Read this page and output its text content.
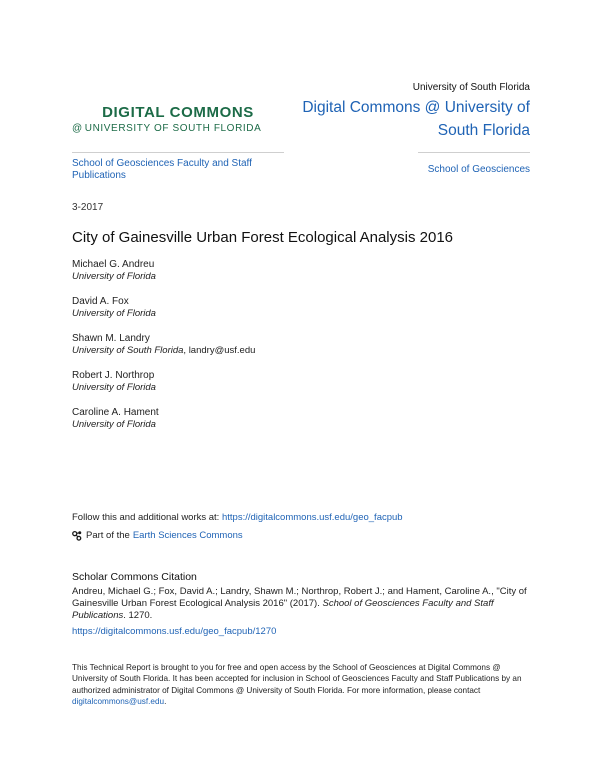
University of South Florida
DIGITAL COMMONS
@ UNIVERSITY OF SOUTH FLORIDA
Digital Commons @ University of South Florida
School of Geosciences Faculty and Staff Publications	School of Geosciences
3-2017
City of Gainesville Urban Forest Ecological Analysis 2016
Michael G. Andreu
University of Florida
David A. Fox
University of Florida
Shawn M. Landry
University of South Florida, landry@usf.edu
Robert J. Northrop
University of Florida
Caroline A. Hament
University of Florida
Follow this and additional works at: https://digitalcommons.usf.edu/geo_facpub
Part of the Earth Sciences Commons
Scholar Commons Citation
Andreu, Michael G.; Fox, David A.; Landry, Shawn M.; Northrop, Robert J.; and Hament, Caroline A., "City of Gainesville Urban Forest Ecological Analysis 2016" (2017). School of Geosciences Faculty and Staff Publications. 1270.
https://digitalcommons.usf.edu/geo_facpub/1270
This Technical Report is brought to you for free and open access by the School of Geosciences at Digital Commons @ University of South Florida. It has been accepted for inclusion in School of Geosciences Faculty and Staff Publications by an authorized administrator of Digital Commons @ University of South Florida. For more information, please contact digitalcommons@usf.edu.
